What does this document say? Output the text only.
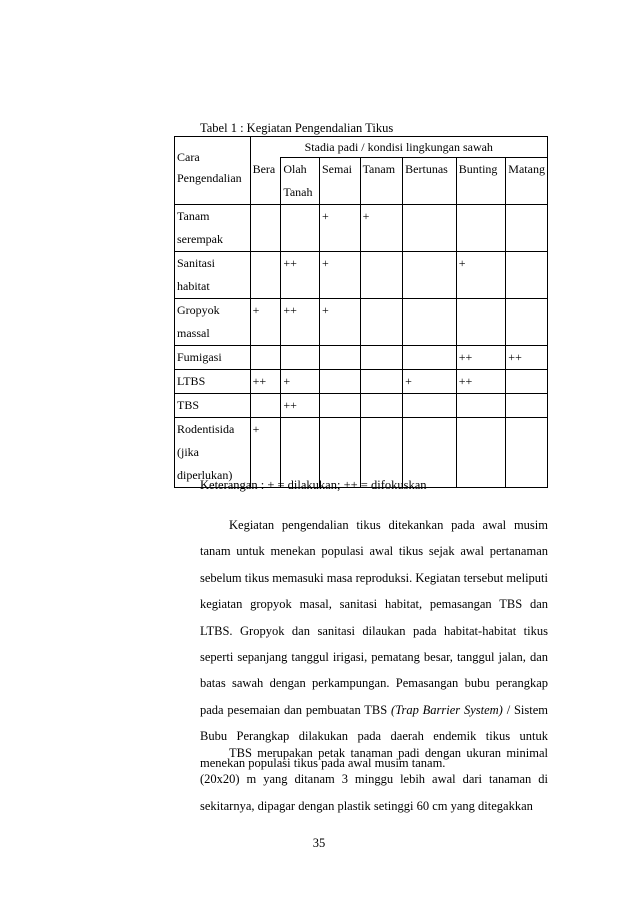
Tabel 1 : Kegiatan Pengendalian Tikus
Cara
Pengendalian	Stadia padi / kondisi lingkungan sawah						
	Bera	Olah Tanah	Semai	Tanam	Bertunas	Bunting	Matang
Tanam serempak			+	+			
Sanitasi habitat		++	+			+	
Gropyok massal	+	++	+				
Fumigasi						++	++
LTBS	++	+			+	++	
TBS		++					
Rodentisida (jika diperlukan)	+						
Keterangan : + = dilakukan; ++ = difokuskan

Kegiatan pengendalian tikus ditekankan pada awal musim tanam untuk menekan populasi awal tikus sejak awal pertanaman sebelum tikus memasuki masa reproduksi. Kegiatan tersebut meliputi kegiatan gropyok masal, sanitasi habitat, pemasangan TBS dan LTBS. Gropyok dan sanitasi dilaukan pada habitat-habitat tikus seperti sepanjang tanggul irigasi, pematang besar, tanggul jalan, dan batas sawah dengan perkampungan. Pemasangan bubu perangkap pada pesemaian dan pembuatan TBS (Trap Barrier System) / Sistem Bubu Perangkap dilakukan pada daerah endemik tikus untuk menekan populasi tikus pada awal musim tanam.

TBS merupakan petak tanaman padi dengan ukuran minimal (20x20) m yang ditanam 3 minggu lebih awal dari tanaman di sekitarnya, dipagar dengan plastik setinggi 60 cm yang ditegakkan

35
